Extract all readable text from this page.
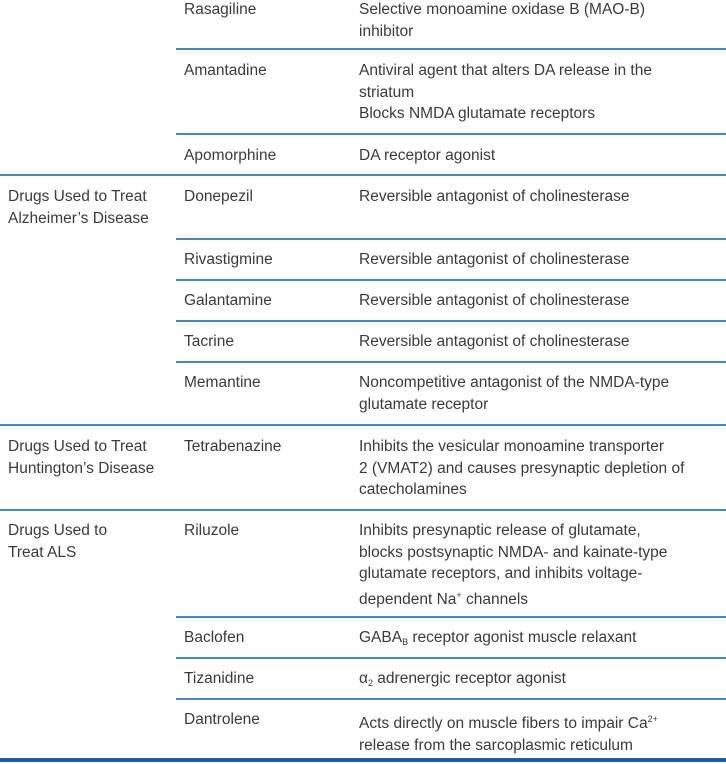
Rasagiline	Selective monoamine oxidase B (MAO-B)
inhibitor
Amantadine	Antiviral agent that alters DA release in the
striatum
Blocks NMDA glutamate receptors
Apomorphine	DA receptor agonist
Drugs Used to Treat
Alzheimer’s Disease
Donepezil	Reversible antagonist of cholinesterase
Rivastigmine	Reversible antagonist of cholinesterase
Galantamine	Reversible antagonist of cholinesterase
Tacrine	Reversible antagonist of cholinesterase
Memantine	Noncompetitive antagonist of the NMDA-type
glutamate receptor
Drugs Used to Treat
Huntington’s Disease
Tetrabenazine	Inhibits the vesicular monoamine transporter
2 (VMAT2) and causes presynaptic depletion of
catecholamines
Drugs Used to
Treat ALS
Riluzole	Inhibits presynaptic release of glutamate,
blocks postsynaptic NMDA- and kainate-type
glutamate receptors, and inhibits voltage-
dependent Na+ channels
Baclofen	$GABA_B$ receptor agonist muscle relaxant
Tizanidine	$\alpha_2$ adrenergic receptor agonist
Dantrolene	Acts directly on muscle fibers to impair $Ca^{2+}$
release from the sarcoplasmic reticulum
